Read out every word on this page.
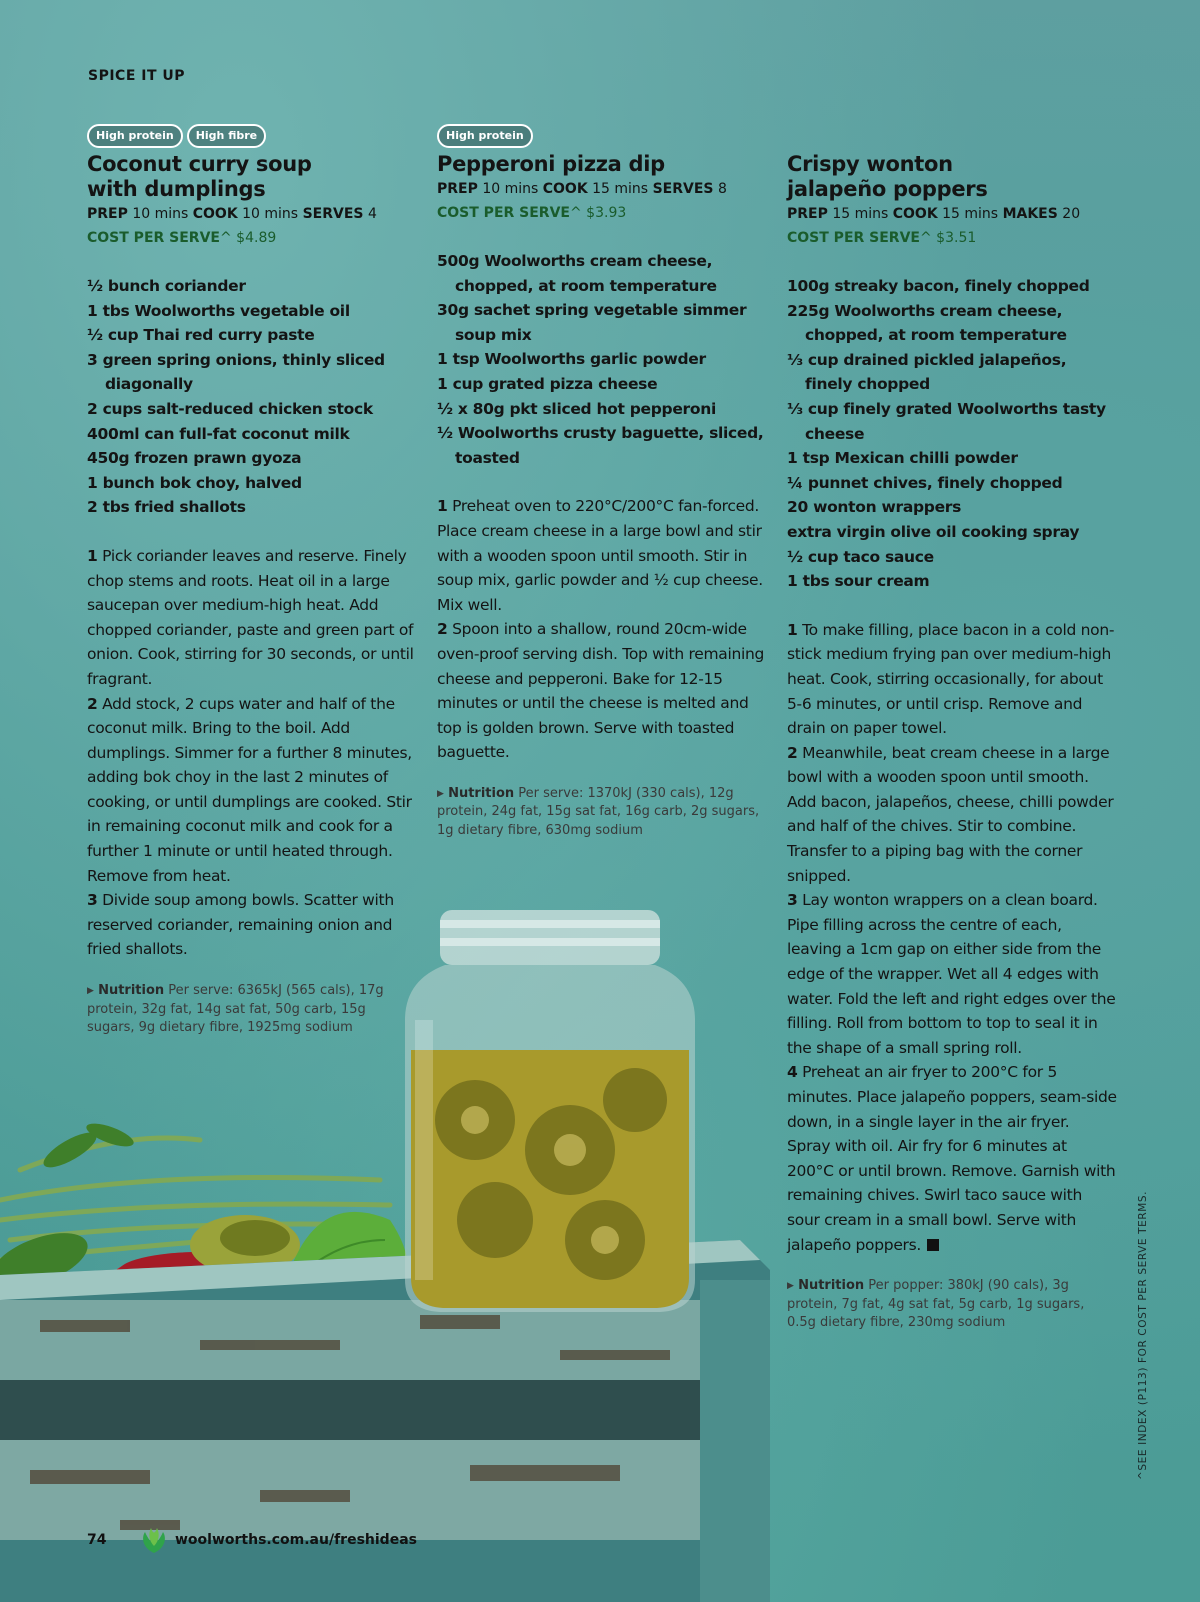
SPICE IT UP
High protein	High fibre
Coconut curry soup
with dumplings
PREP 10 mins COOK 10 mins SERVES 4
COST PER SERVE^ $4.89
½ bunch coriander
1 tbs Woolworths vegetable oil
½ cup Thai red curry paste
3 green spring onions, thinly sliced diagonally
2 cups salt-reduced chicken stock
400ml can full-fat coconut milk
450g frozen prawn gyoza
1 bunch bok choy, halved
2 tbs fried shallots

1 Pick coriander leaves and reserve. Finely chop stems and roots. Heat oil in a large saucepan over medium-high heat. Add chopped coriander, paste and green part of onion. Cook, stirring for 30 seconds, or until fragrant.

2 Add stock, 2 cups water and half of the coconut milk. Bring to the boil. Add dumplings. Simmer for a further 8 minutes, adding bok choy in the last 2 minutes of cooking, or until dumplings are cooked. Stir in remaining coconut milk and cook for a further 1 minute or until heated through. Remove from heat.

3 Divide soup among bowls. Scatter with reserved coriander, remaining onion and fried shallots.

▶ Nutrition Per serve: 6365kJ (565 cals), 17g protein, 32g fat, 14g sat fat, 50g carb, 15g sugars, 9g dietary fibre, 1925mg sodium
High protein
Pepperoni pizza dip
PREP 10 mins COOK 15 mins SERVES 8
COST PER SERVE^ $3.93
500g Woolworths cream cheese, chopped, at room temperature
30g sachet spring vegetable simmer soup mix
1 tsp Woolworths garlic powder
1 cup grated pizza cheese
½ x 80g pkt sliced hot pepperoni
½ Woolworths crusty baguette, sliced, toasted

1 Preheat oven to 220°C/200°C fan-forced. Place cream cheese in a large bowl and stir with a wooden spoon until smooth. Stir in soup mix, garlic powder and ½ cup cheese. Mix well.

2 Spoon into a shallow, round 20cm-wide oven-proof serving dish. Top with remaining cheese and pepperoni. Bake for 12-15 minutes or until the cheese is melted and top is golden brown. Serve with toasted baguette.

▶ Nutrition Per serve: 1370kJ (330 cals), 12g protein, 24g fat, 15g sat fat, 16g carb, 2g sugars, 1g dietary fibre, 630mg sodium
Crispy wonton
jalapeño poppers
PREP 15 mins COOK 15 mins MAKES 20
COST PER SERVE^ $3.51
100g streaky bacon, finely chopped
225g Woolworths cream cheese, chopped, at room temperature
⅓ cup drained pickled jalapeños, finely chopped
⅓ cup finely grated Woolworths tasty cheese
1 tsp Mexican chilli powder
¼ punnet chives, finely chopped
20 wonton wrappers
extra virgin olive oil cooking spray
½ cup taco sauce
1 tbs sour cream

1 To make filling, place bacon in a cold non-stick medium frying pan over medium-high heat. Cook, stirring occasionally, for about 5-6 minutes, or until crisp. Remove and drain on paper towel.

2 Meanwhile, beat cream cheese in a large bowl with a wooden spoon until smooth. Add bacon, jalapeños, cheese, chilli powder and half of the chives. Stir to combine. Transfer to a piping bag with the corner snipped.

3 Lay wonton wrappers on a clean board. Pipe filling across the centre of each, leaving a 1cm gap on either side from the edge of the wrapper. Wet all 4 edges with water. Fold the left and right edges over the filling. Roll from bottom to top to seal it in the shape of a small spring roll.

4 Preheat an air fryer to 200°C for 5 minutes. Place jalapeño poppers, seam-side down, in a single layer in the air fryer. Spray with oil. Air fry for 6 minutes at 200°C or until brown. Remove. Garnish with remaining chives. Swirl taco sauce with sour cream in a small bowl. Serve with jalapeño poppers.

▶ Nutrition Per popper: 380kJ (90 cals), 3g protein, 7g fat, 4g sat fat, 5g carb, 1g sugars, 0.5g dietary fibre, 230mg sodium	^SEE INDEX (P113) FOR COST PER SERVE TERMS.
74	woolworths.com.au/freshideas
